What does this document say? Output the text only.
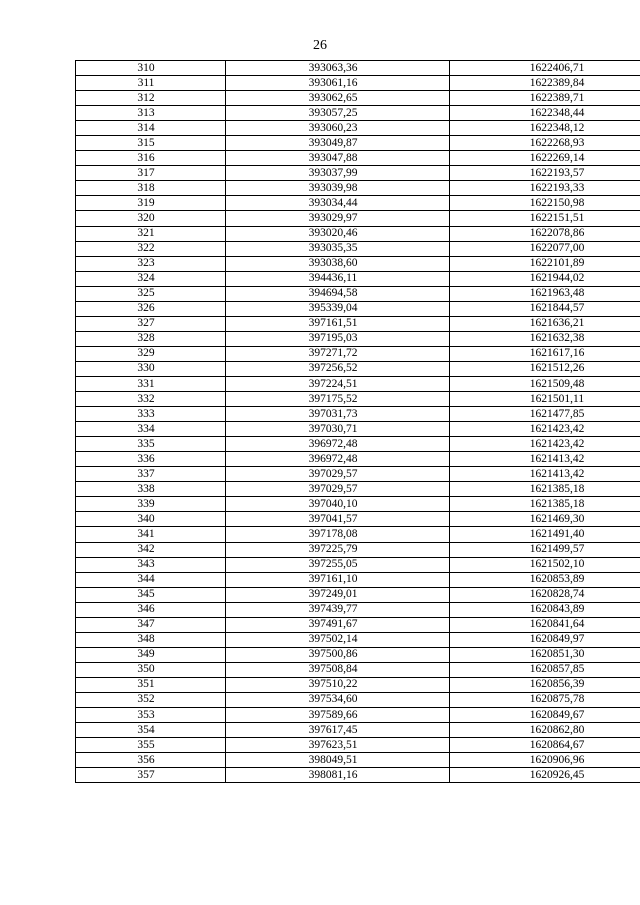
26
310	393063,36	1622406,71
311	393061,16	1622389,84
312	393062,65	1622389,71
313	393057,25	1622348,44
314	393060,23	1622348,12
315	393049,87	1622268,93
316	393047,88	1622269,14
317	393037,99	1622193,57
318	393039,98	1622193,33
319	393034,44	1622150,98
320	393029,97	1622151,51
321	393020,46	1622078,86
322	393035,35	1622077,00
323	393038,60	1622101,89
324	394436,11	1621944,02
325	394694,58	1621963,48
326	395339,04	1621844,57
327	397161,51	1621636,21
328	397195,03	1621632,38
329	397271,72	1621617,16
330	397256,52	1621512,26
331	397224,51	1621509,48
332	397175,52	1621501,11
333	397031,73	1621477,85
334	397030,71	1621423,42
335	396972,48	1621423,42
336	396972,48	1621413,42
337	397029,57	1621413,42
338	397029,57	1621385,18
339	397040,10	1621385,18
340	397041,57	1621469,30
341	397178,08	1621491,40
342	397225,79	1621499,57
343	397255,05	1621502,10
344	397161,10	1620853,89
345	397249,01	1620828,74
346	397439,77	1620843,89
347	397491,67	1620841,64
348	397502,14	1620849,97
349	397500,86	1620851,30
350	397508,84	1620857,85
351	397510,22	1620856,39
352	397534,60	1620875,78
353	397589,66	1620849,67
354	397617,45	1620862,80
355	397623,51	1620864,67
356	398049,51	1620906,96
357	398081,16	1620926,45
